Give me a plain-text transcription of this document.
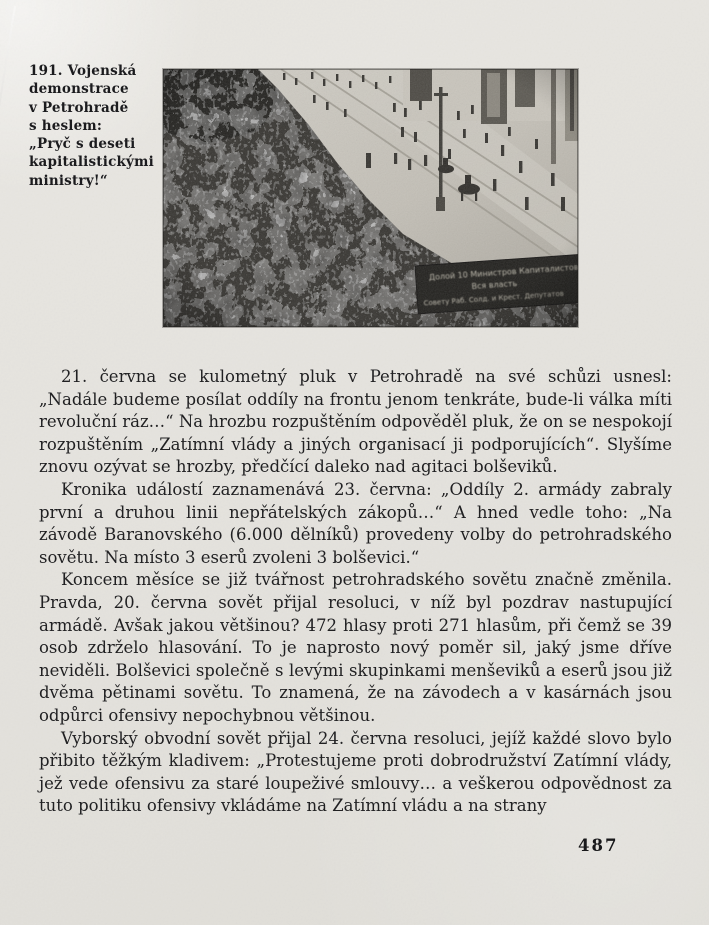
191. Vojenská
demonstrace
v Petrohradě
s heslem:
„Pryč s deseti
kapitalistickými
ministry!“

21. června se kulometný pluk v Petrohradě na své schůzi usnesl: „Nadále budeme posílat oddíly na frontu jenom tenkráte, bude-li válka míti revoluční ráz…“ Na hrozbu rozpuštěním odpověděl pluk, že on se nespokojí rozpuštěním „Zatímní vlády a jiných organisací ji podporujících“. Slyšíme znovu ozývat se hrozby, předčící daleko nad agitaci bolševiků.

Kronika událostí zaznamenává 23. června: „Oddíly 2. armády zabraly první a druhou linii nepřátelských zákopů…“ A hned vedle toho: „Na závodě Baranovského (6.000 dělníků) provedeny volby do petrohradského sovětu. Na místo 3 eserů zvoleni 3 bolševici.“

Koncem měsíce se již tvářnost petrohradského sovětu značně změnila. Pravda, 20. června sovět přijal resoluci, v níž byl pozdrav nastupující armádě. Avšak jakou většinou? 472 hlasy proti 271 hlasům, při čemž se 39 osob zdrželo hlasování. To je naprosto nový poměr sil, jaký jsme dříve neviděli. Bolševici společně s levými skupinkami menševiků a eserů jsou již dvěma pětinami sovětu. To znamená, že na závodech a v kasárnách jsou odpůrci ofensivy nepochybnou většinou.

Vyborský obvodní sovět přijal 24. června resoluci, jejíž každé slovo bylo přibito těžkým kladivem: „Protestujeme proti dobrodružství Zatímní vlády, jež vede ofensivu za staré loupeživé smlouvy… a veškerou odpovědnost za tuto politiku ofensivy vkládáme na Zatímní vládu a na strany

487
